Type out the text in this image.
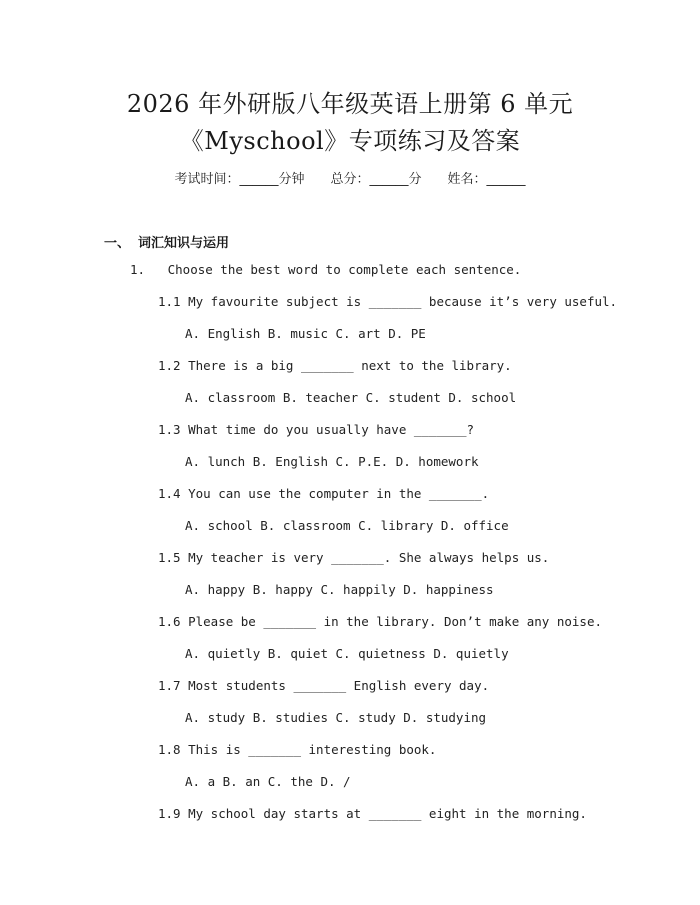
2026 年外研版八年级英语上册第 6 单元
《Myschool》专项练习及答案
考试时间：______分钟 总分：______分 姓名：______
一、 词汇知识与运用
1.   Choose the best word to complete each sentence.
1.1 My favourite subject is _______ because it’s very useful.
A. English B. music C. art D. PE
1.2 There is a big _______ next to the library.
A. classroom B. teacher C. student D. school
1.3 What time do you usually have _______?
A. lunch B. English C. P.E. D. homework
1.4 You can use the computer in the _______.
A. school B. classroom C. library D. office
1.5 My teacher is very _______. She always helps us.
A. happy B. happy C. happily D. happiness
1.6 Please be _______ in the library. Don’t make any noise.
A. quietly B. quiet C. quietness D. quietly
1.7 Most students _______ English every day.
A. study B. studies C. study D. studying
1.8 This is _______ interesting book.
A. a B. an C. the D. /
1.9 My school day starts at _______ eight in the morning.
